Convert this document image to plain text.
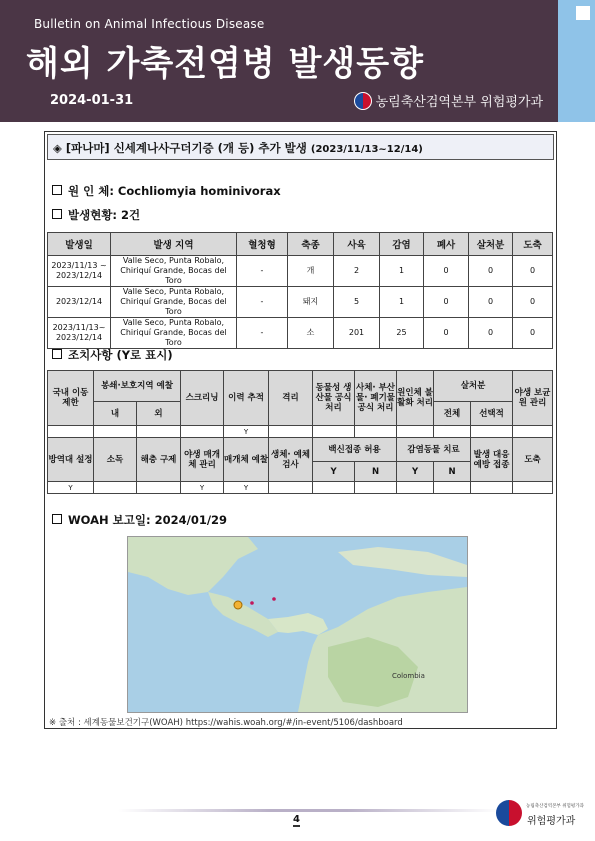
Bulletin on Animal Infectious Disease
해외 가축전염병 발생동향
2024-01-31	농림축산검역본부 위험평가과
◈ [파나마] 신세계나사구더기증 (개 등) 추가 발생 (2023/11/13~12/14)
원 인 체: Cochliomyia hominivorax
발생현황: 2건
발생일	발생 지역	혈청형	축종	사육	감염	폐사	살처분	도축
2023/11/13 ~ 2023/12/14	Valle Seco, Punta Robalo, Chiriquí Grande, Bocas del Toro	-	개	2	1	0	0	0
2023/12/14	Valle Seco, Punta Robalo, Chiriquí Grande, Bocas del Toro	-	돼지	5	1	0	0	0
2023/11/13~ 2023/12/14	Valle Seco, Punta Robalo, Chiriquí Grande, Bocas del Toro	-	소	201	25	0	0	0
조치사항 (Y로 표시)
국내 이동 제한	봉쇄·보호지역 예찰		스크리닝	이력 추적	격리	동물성 생산물 공식 처리	사체· 부산물· 폐기물 공식 처리	원인체 불활화 처리	살처분		야생 보균원 관리
	내	외							전체	선택적	
				Y							
방역대 설정	소독	해충 구제	야생 매개체 관리	매개체 예찰	생체· 예체 검사	백신접종 허용		감염동물 치료		발생 대응 예방 접종	도축
						Y	N	Y	N		
Y			Y	Y							
WOAH 보고일: 2024/01/29
Colombia
※ 출처 : 세계동물보건기구(WOAH) https://wahis.woah.org/#/in-event/5106/dashboard
4
농림축산검역본부 위험평가과
위험평가과
